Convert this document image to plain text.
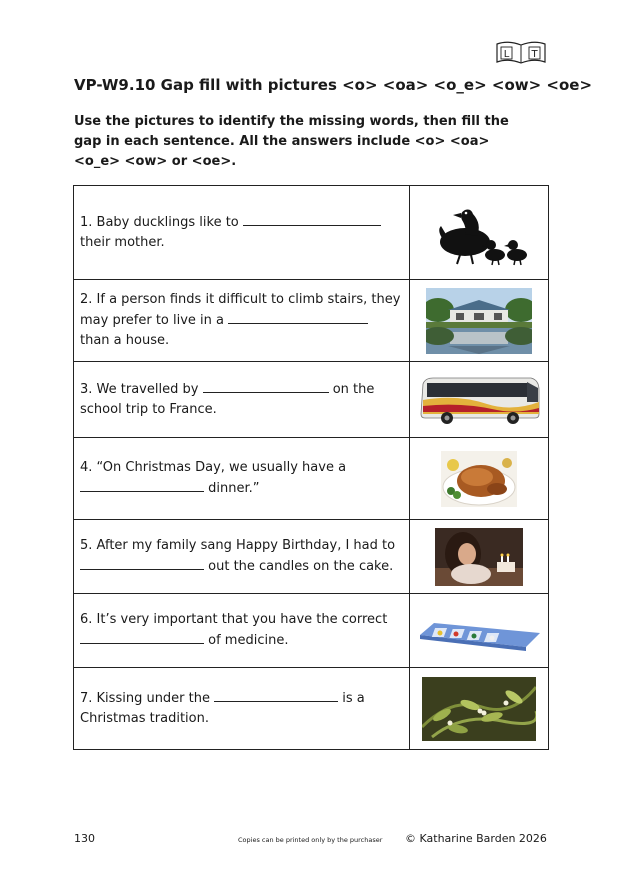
L i T
VP-W9.10 Gap fill with pictures <o> <oa> <o_e> <ow> <oe>
Use the pictures to identify the missing words, then fill the gap in each sentence. All the answers include <o> <oa> <o_e> <ow> or <oe>.
1. Baby ducklings like to  their mother.	

2. If a person finds it difficult to climb stairs, they may prefer to live in a  than a house.	

3. We travelled by on the school trip to France.	

4. “On Christmas Day, we usually have a  dinner.”	

5. After my family sang Happy Birthday, I had to  out the candles on the cake.	

6. It’s very important that you have the correct  of medicine.	

7. Kissing under the is a Christmas tradition.	
130	Copies can be printed only by the purchaser © Katharine Barden 2026
